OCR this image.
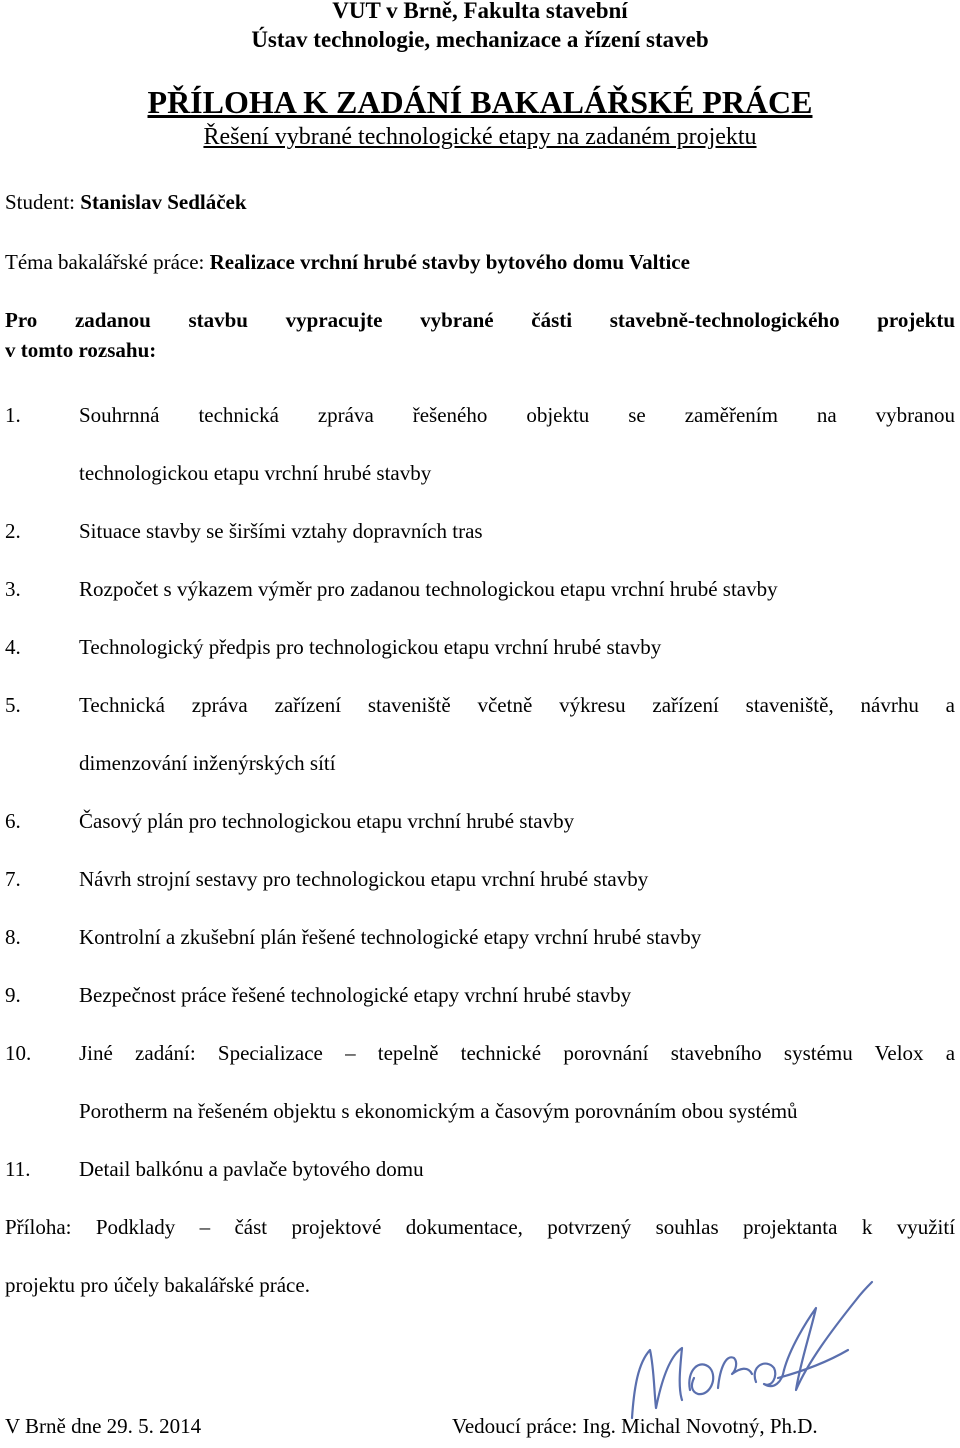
VUT v Brně, Fakulta stavební
Ústav technologie, mechanizace a řízení staveb
PŘÍLOHA K ZADÁNÍ BAKALÁŘSKÉ PRÁCE
Řešení vybrané technologické etapy na zadaném projektu
Student: Stanislav Sedláček
Téma bakalářské práce: Realizace vrchní hrubé stavby bytového domu Valtice
Pro zadanou stavbu vypracujte vybrané části stavebně-technologického projektu
v tomto rozsahu:
1.	Souhrnná technická zpráva řešeného objektu se zaměřením na vybranou
technologickou etapu vrchní hrubé stavby
2.	Situace stavby se širšími vztahy dopravních tras
3.	Rozpočet s výkazem výměr pro zadanou technologickou etapu vrchní hrubé stavby
4.	Technologický předpis pro technologickou etapu vrchní hrubé stavby
5.	Technická zpráva zařízení staveniště včetně výkresu zařízení staveniště, návrhu a
dimenzování inženýrských sítí
6.	Časový plán pro technologickou etapu vrchní hrubé stavby
7.	Návrh strojní sestavy pro technologickou etapu vrchní hrubé stavby
8.	Kontrolní a zkušební plán řešené technologické etapy vrchní hrubé stavby
9.	Bezpečnost práce řešené technologické etapy vrchní hrubé stavby
10. Jiné zadání: Specializace – tepelně technické porovnání stavebního systému Velox a
Porotherm na řešeném objektu s ekonomickým a časovým porovnáním obou systémů
11. Detail balkónu a pavlače bytového domu
Příloha: Podklady – část projektové dokumentace, potvrzený souhlas projektanta k využití
projektu pro účely bakalářské práce.
V Brně dne 29. 5. 2014	Vedoucí práce: Ing. Michal Novotný, Ph.D.
